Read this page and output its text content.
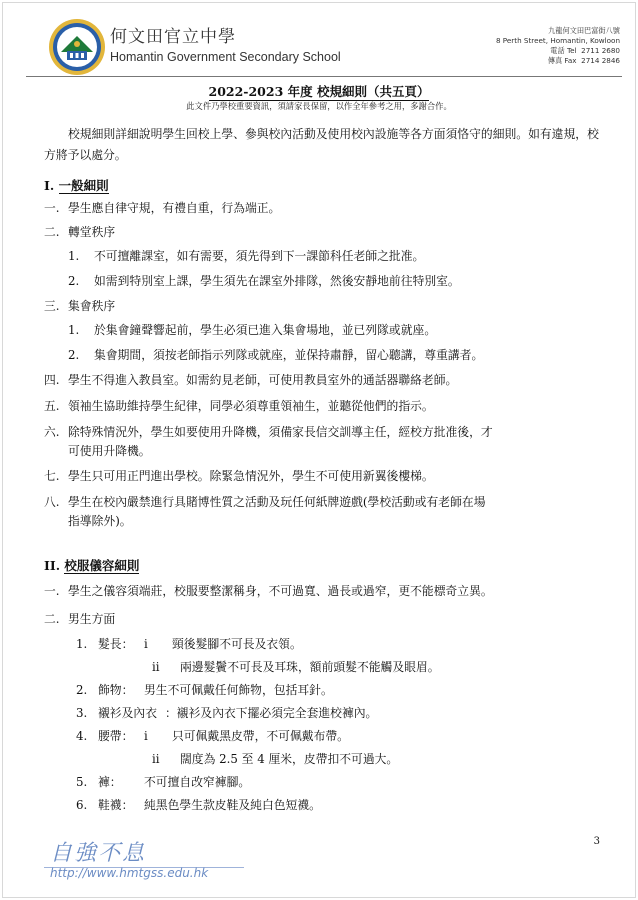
何文田官立中學
Homantin Government Secondary School
九龍何文田巴富街八號
8 Perth Street, Homantin, Kowloon
電話 Tel 2711 2680
傳真 Fax 2714 2846
2022-2023 年度 校規細則（共五頁）
此文件乃學校重要資訊，須請家長保留，以作全年參考之用，多謝合作。
校規細則詳細說明學生回校上學、參與校內活動及使用校內設施等各方面須恪守的細則。如有違規，校方將予以處分。
I. 一般細則
一. 學生應自律守規，有禮自重，行為端正。
二. 轉堂秩序
1. 不可擅離課室，如有需要，須先得到下一課節科任老師之批准。
2. 如需到特別室上課，學生須先在課室外排隊，然後安靜地前往特別室。
三. 集會秩序
1. 於集會鐘聲響起前，學生必須已進入集會場地，並已列隊或就座。
2. 集會期間，須按老師指示列隊或就座，並保持肅靜，留心聽講，尊重講者。
四. 學生不得進入教員室。如需約見老師，可使用教員室外的通話器聯絡老師。
五. 領袖生協助維持學生紀律，同學必須尊重領袖生，並聽從他們的指示。
六. 除特殊情況外，學生如要使用升降機，須備家長信交訓導主任，經校方批准後，才
可使用升降機。
七. 學生只可用正門進出學校。除緊急情況外，學生不可使用新翼後樓梯。
八. 學生在校內嚴禁進行具賭博性質之活動及玩任何紙牌遊戲(學校活動或有老師在場
指導除外)。
II. 校服儀容細則
一. 學生之儀容須端莊，校服要整潔稱身，不可過寬、過長或過窄，更不能標奇立異。
二. 男生方面
1. 髮長： i 頸後髮腳不可長及衣領。
ii 兩邊髮鬢不可長及耳珠，額前頭髮不能觸及眼眉。
2. 飾物： 男生不可佩戴任何飾物，包括耳針。
3. 襯衫及內衣 ：襯衫及內衣下擺必須完全套進校褲內。
4. 腰帶： i 只可佩戴黑皮帶，不可佩戴布帶。
ii 闊度為 2.5 至 4 厘米，皮帶扣不可過大。
5. 褲： 不可擅自改窄褲腳。
6. 鞋襪： 純黑色學生款皮鞋及純白色短襪。
自強不息
http://www.hmtgss.edu.hk
3
